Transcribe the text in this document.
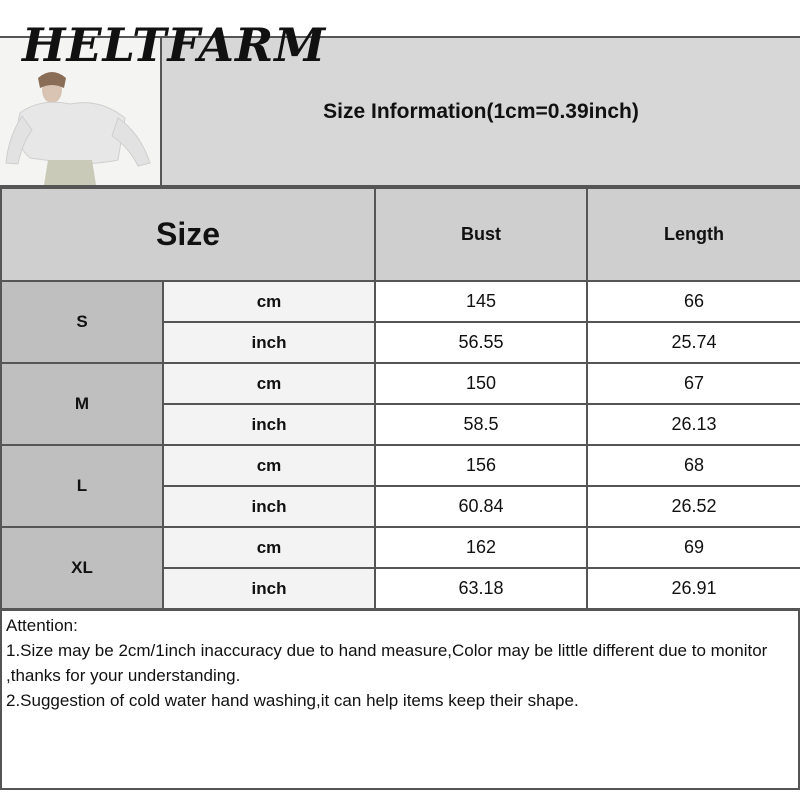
HELTFARM
Size Information(1cm=0.39inch)
Size		Bust	Length
S	cm	145	66
	inch	56.55	25.74
M	cm	150	67
	inch	58.5	26.13
L	cm	156	68
	inch	60.84	26.52
XL	cm	162	69
	inch	63.18	26.91

Attention:

1.Size may be 2cm/1inch inaccuracy due to hand measure,Color may be little different due to monitor ,thanks for your understanding.

2.Suggestion of cold water hand washing,it can help items keep their shape.
